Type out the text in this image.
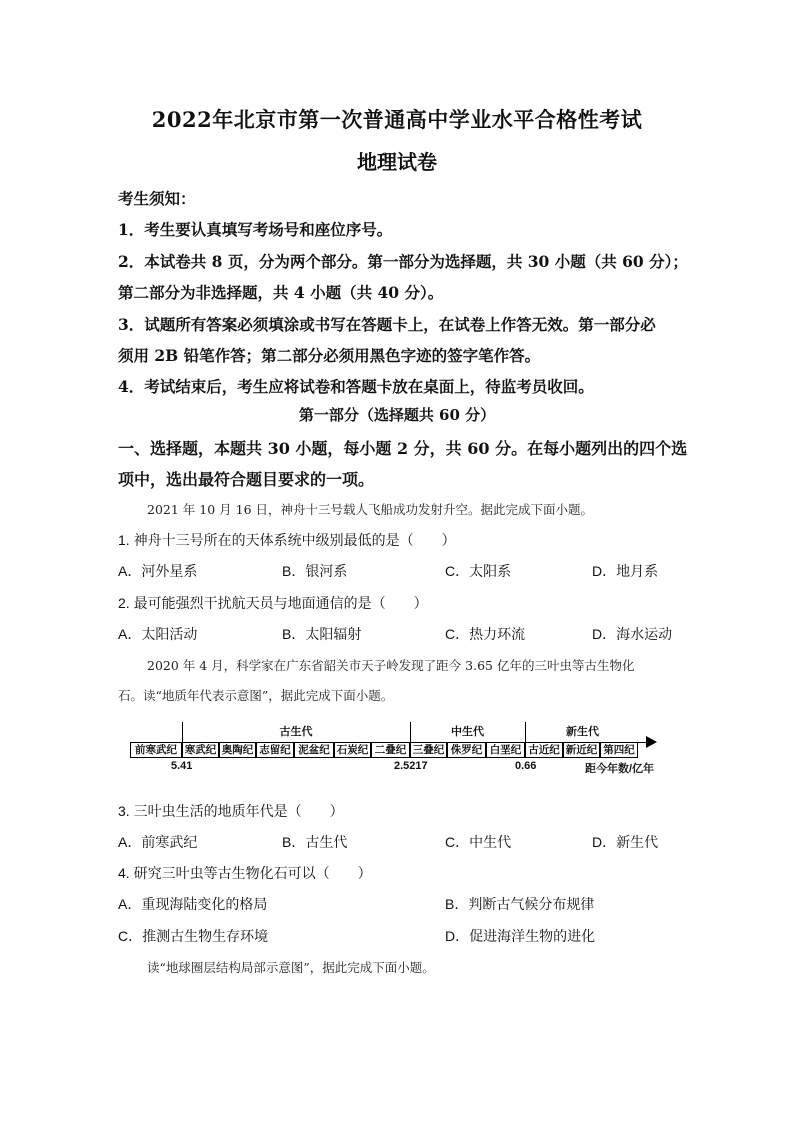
2022年北京市第一次普通高中学业水平合格性考试
地理试卷
考生须知：
1．考生要认真填写考场号和座位序号。
2．本试卷共 8 页，分为两个部分。第一部分为选择题，共 30 小题（共 60 分）；
第二部分为非选择题，共 4 小题（共 40 分）。
3．试题所有答案必须填涂或书写在答题卡上，在试卷上作答无效。第一部分必
须用 2B 铅笔作答；第二部分必须用黑色字迹的签字笔作答。
4．考试结束后，考生应将试卷和答题卡放在桌面上，待监考员收回。
第一部分（选择题共 60 分）
一、选择题，本题共 30 小题，每小题 2 分，共 60 分。在每小题列出的四个选
项中，选出最符合题目要求的一项。
2021 年 10 月 16 日，神舟十三号载人飞船成功发射升空。据此完成下面小题。
1. 神舟十三号所在的天体系统中级别最低的是（　　）
A．河外星系	B．银河系	C．太阳系	D．地月系
2. 最可能强烈干扰航天员与地面通信的是（　　）
A．太阳活动	B．太阳辐射	C．热力环流	D．海水运动
2020 年 4 月，科学家在广东省韶关市天子岭发现了距今 3.65 亿年的三叶虫等古生物化
石。读“地质年代表示意图”，据此完成下面小题。
古生代	中生代	新生代
前寒武纪 寒武纪 奥陶纪 志留纪 泥盆纪 石炭纪 二叠纪 三叠纪 侏罗纪 白垩纪 古近纪 新近纪 第四纪
5.41	2.5217	0.66	距今年数/亿年
3. 三叶虫生活的地质年代是（　　）
A．前寒武纪	B．古生代	C．中生代	D．新生代
4. 研究三叶虫等古生物化石可以（　　）
A．重现海陆变化的格局	B．判断古气候分布规律
C．推测古生物生存环境	D．促进海洋生物的进化
读“地球圈层结构局部示意图”，据此完成下面小题。
